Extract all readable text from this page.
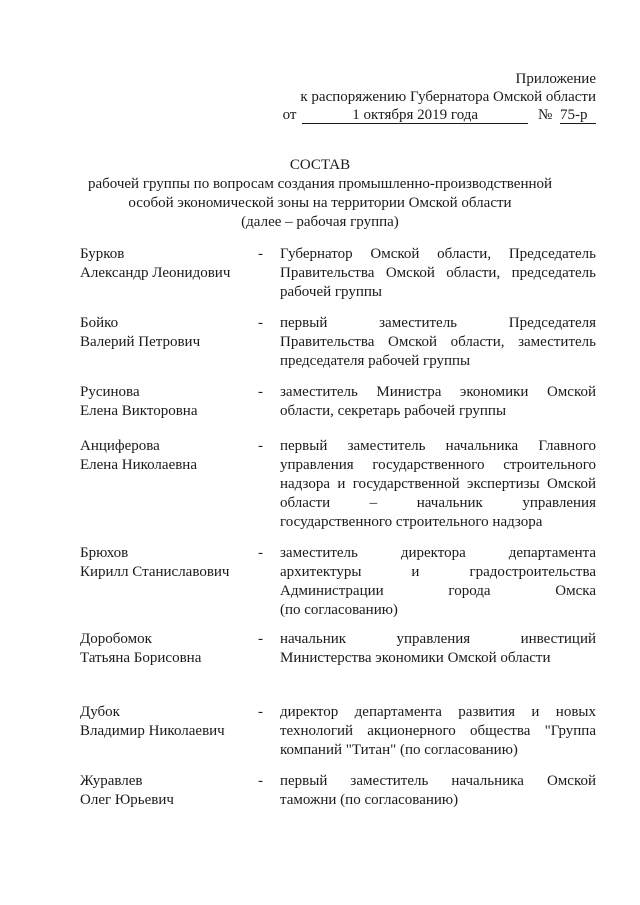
Приложение
к распоряжению Губернатора Омской области
от	1 октября 2019 года	№ 75-р
СОСТАВ
рабочей группы по вопросам создания промышленно-производственной
особой экономической зоны на территории Омской области
(далее – рабочая группа)
Бурков
Александр Леонидович
- Губернатор Омской области, Председатель
Правительства Омской области, председатель
рабочей группы
Бойко
Валерий Петрович
- первый заместитель Председателя
Правительства Омской области, заместитель
председателя рабочей группы
Русинова
Елена Викторовна
- заместитель Министра экономики Омской
области, секретарь рабочей группы
Анциферова
Елена Николаевна
- первый заместитель начальника Главного
управления государственного строительного
надзора и государственной экспертизы Омской
области – начальник управления
государственного строительного надзора
Брюхов
Кирилл Станиславович
- заместитель директора департамента
архитектуры и градостроительства
Администрации города Омска
(по согласованию)
Доробомок
Татьяна Борисовна
- начальник управления инвестиций
Министерства экономики Омской области
Дубок
Владимир Николаевич
- директор департамента развития и новых
технологий акционерного общества "Группа
компаний "Титан" (по согласованию)
Журавлев
Олег Юрьевич
- первый заместитель начальника Омской
таможни (по согласованию)
